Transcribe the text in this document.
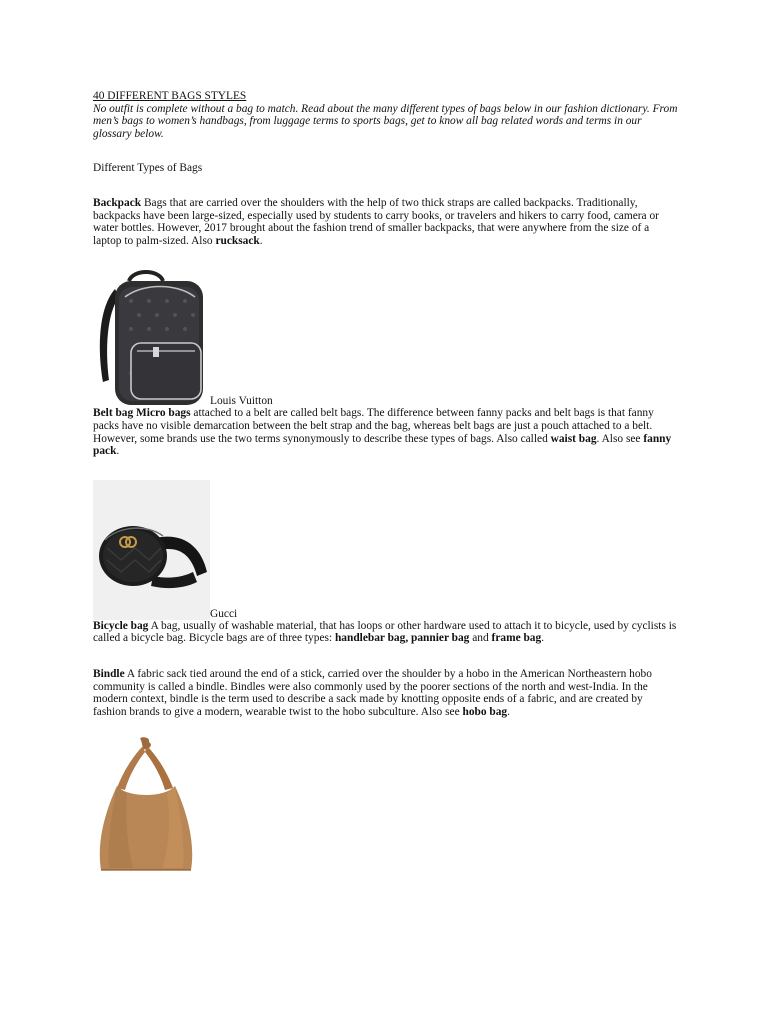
40 DIFFERENT BAGS STYLES
No outfit is complete without a bag to match. Read about the many different types of bags below in our fashion dictionary. From men’s bags to women’s handbags, from luggage terms to sports bags, get to know all bag related words and terms in our glossary below.
Different Types of Bags
Backpack Bags that are carried over the shoulders with the help of two thick straps are called backpacks. Traditionally, backpacks have been large-sized, especially used by students to carry books, or travelers and hikers to carry food, camera or water bottles. However, 2017 brought about the fashion trend of smaller backpacks, that were anywhere from the size of a laptop to palm-sized. Also rucksack.
Louis Vuitton
Belt bag Micro bags attached to a belt are called belt bags. The difference between fanny packs and belt bags is that fanny packs have no visible demarcation between the belt strap and the bag, whereas belt bags are just a pouch attached to a belt. However, some brands use the two terms synonymously to describe these types of bags. Also called waist bag. Also see fanny pack.
Gucci
Bicycle bag A bag, usually of washable material, that has loops or other hardware used to attach it to bicycle, used by cyclists is called a bicycle bag. Bicycle bags are of three types: handlebar bag, pannier bag and frame bag.
Bindle A fabric sack tied around the end of a stick, carried over the shoulder by a hobo in the American Northeastern hobo community is called a bindle. Bindles were also commonly used by the poorer sections of the north and west-India. In the modern context, bindle is the term used to describe a sack made by knotting opposite ends of a fabric, and are created by fashion brands to give a modern, wearable twist to the hobo subculture. Also see hobo bag.
